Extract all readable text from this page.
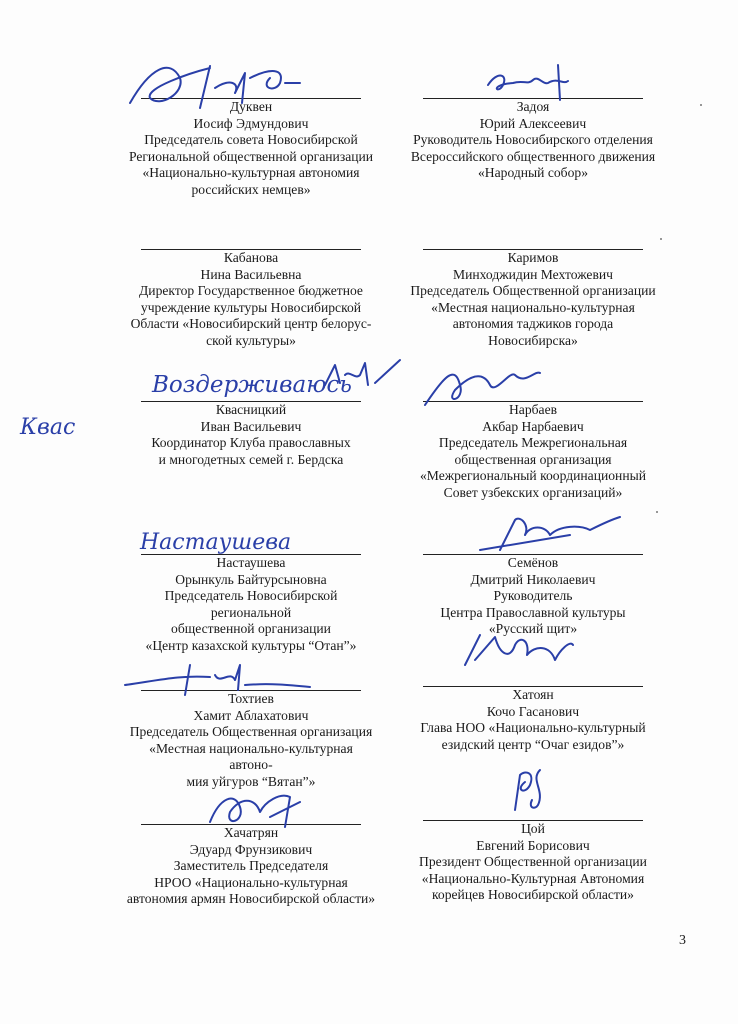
Дуквен
Иосиф Эдмундович
Председатель совета Новосибирской
Региональной общественной организации
«Национально-культурная автономия
российских немцев»
Задоя
Юрий Алексеевич
Руководитель Новосибирского отделения
Всероссийского общественного движения
«Народный собор»
Кабанова
Нина Васильевна
Директор Государственное бюджетное
учреждение культуры Новосибирской
Области «Новосибирский центр белорус-
ской культуры»
Каримов
Минходжидин Мехтожевич
Председатель Общественной организации
«Местная национально-культурная
автономия таджиков города
Новосибирска»
Квасницкий
Иван Васильевич
Координатор Клуба православных
и многодетных семей г. Бердска
Нарбаев
Акбар Нарбаевич
Председатель Межрегиональная
общественная организация
«Межрегиональный координационный
Совет узбекских организаций»
Настаушева
Орынкуль Байтурсыновна
Председатель Новосибирской региональной
общественной организации
«Центр казахской культуры “Отан”»
Семёнов
Дмитрий Николаевич
Руководитель
Центра Православной культуры
«Русский щит»
Тохтиев
Хамит Аблахатович
Председатель Общественная организация
«Местная национально-культурная автоно-
мия уйгуров “Вятан”»
Хатоян
Кочо Гасанович
Глава НОО «Национально-культурный
езидский центр “Очаг езидов”»
Хачатрян
Эдуард Фрунзикович
Заместитель Председателя
НРОО «Национально-культурная
автономия армян Новосибирской области»
Цой
Евгений Борисович
Президент Общественной организации
«Национально-Культурная Автономия
корейцев Новосибирской области»
Воздерживаюсь
Квас
Настаушева
3
